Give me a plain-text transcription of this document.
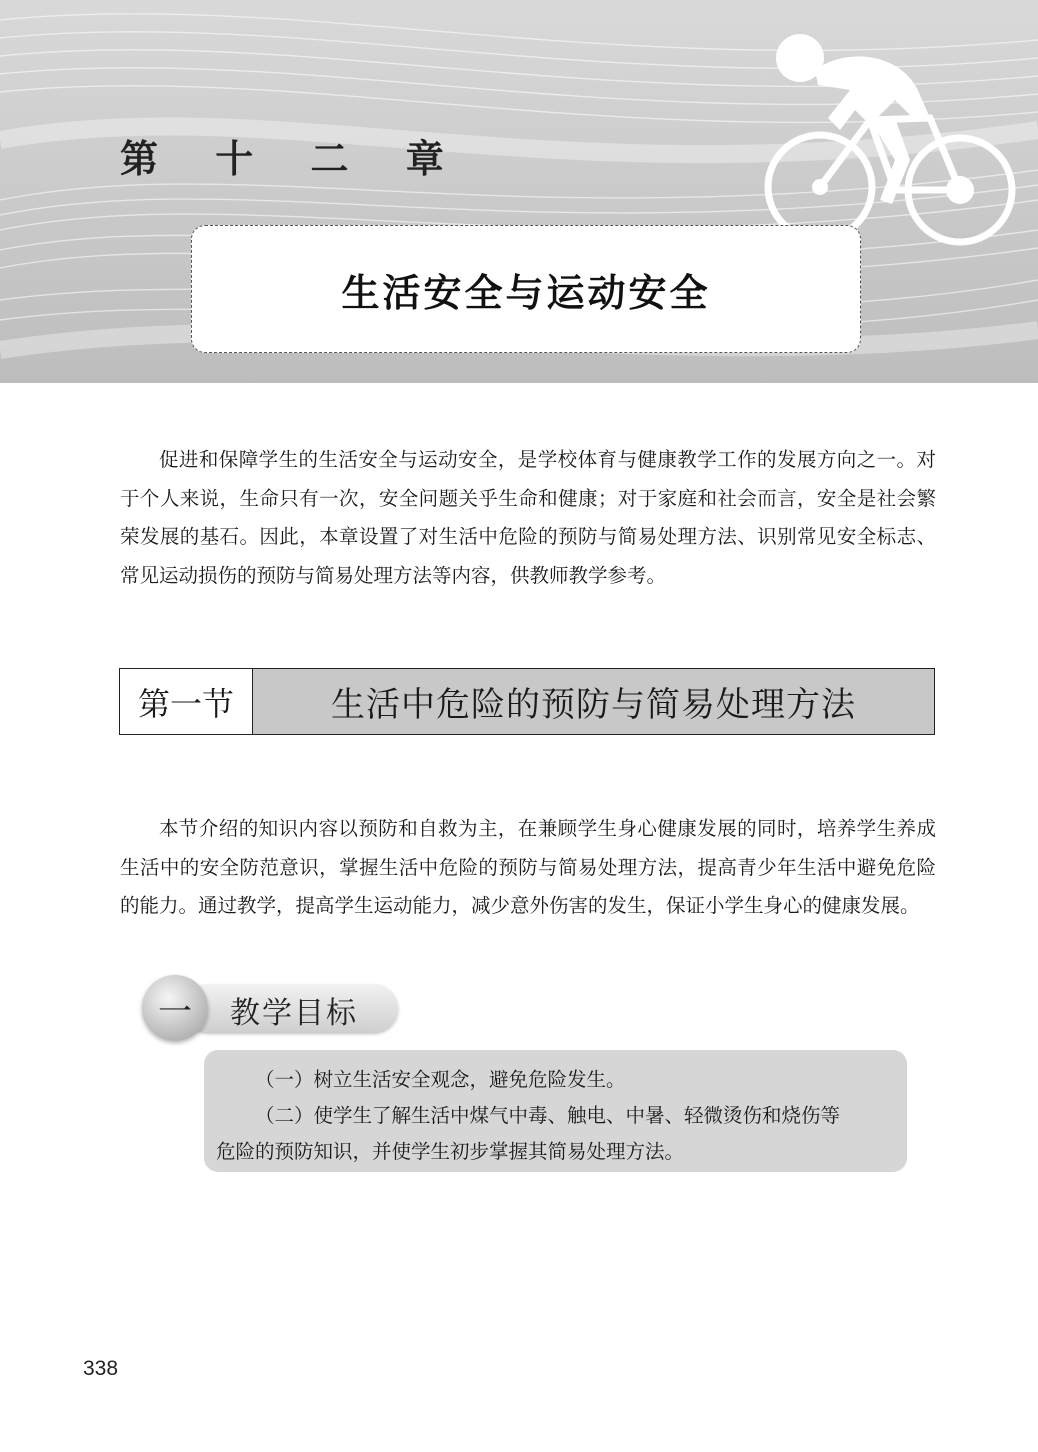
第 十 二 章
生活安全与运动安全

促进和保障学生的生活安全与运动安全，是学校体育与健康教学工作的发展方向之一。对于个人来说，生命只有一次，安全问题关乎生命和健康；对于家庭和社会而言，安全是社会繁荣发展的基石。因此，本章设置了对生活中危险的预防与简易处理方法、识别常见安全标志、常见运动损伤的预防与简易处理方法等内容，供教师教学参考。

第一节	生活中危险的预防与简易处理方法

本节介绍的知识内容以预防和自救为主，在兼顾学生身心健康发展的同时，培养学生养成生活中的安全防范意识，掌握生活中危险的预防与简易处理方法，提高青少年生活中避免危险的能力。通过教学，提高学生运动能力，减少意外伤害的发生，保证小学生身心的健康发展。

一	教学目标

（一）树立生活安全观念，避免危险发生。

（二）使学生了解生活中煤气中毒、触电、中暑、轻微烫伤和烧伤等

危险的预防知识，并使学生初步掌握其简易处理方法。

338
